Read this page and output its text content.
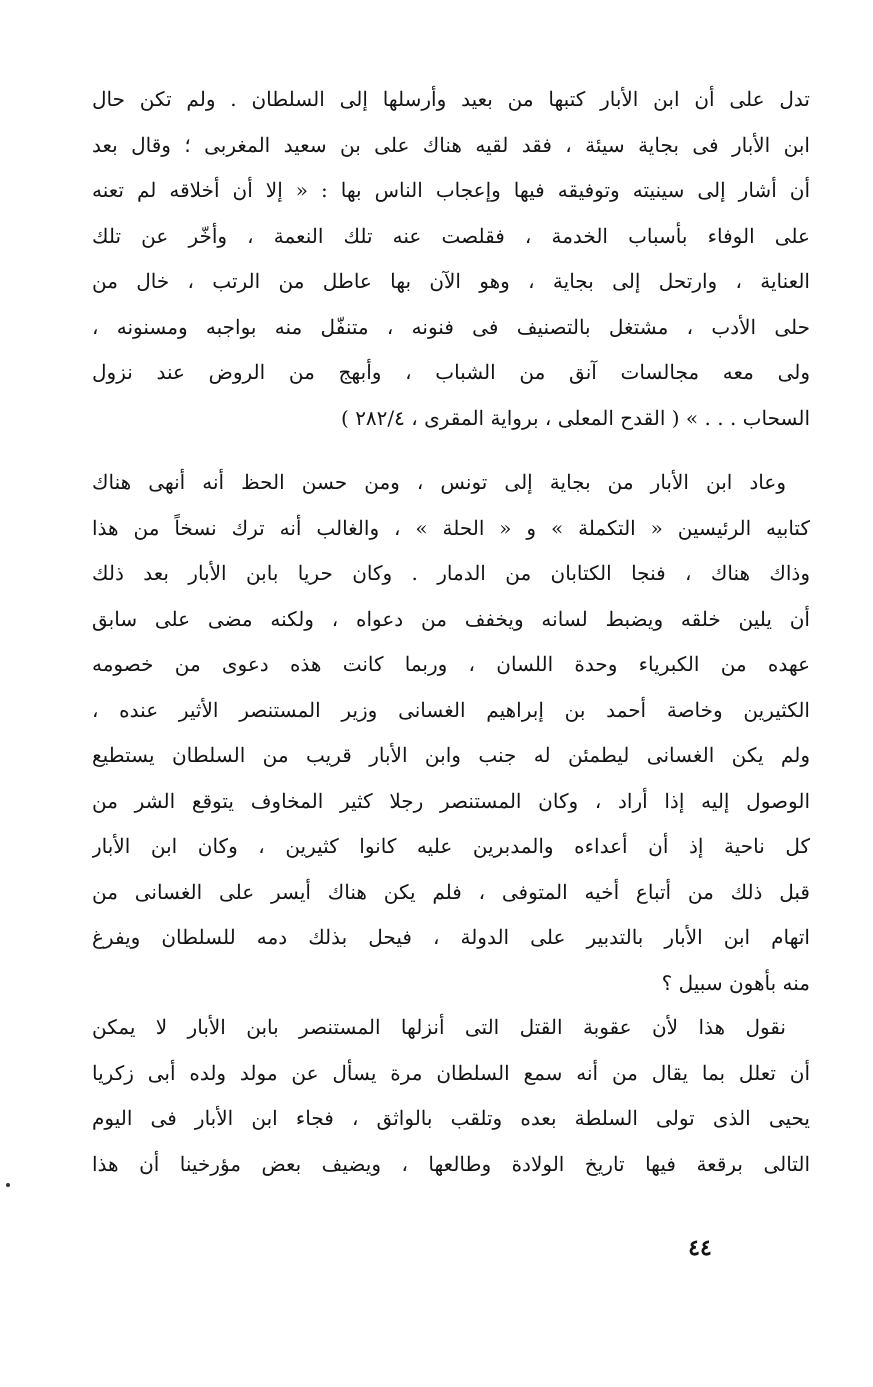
تدل على أن ابن الأبار كتبها من بعيد وأرسلها إلى السلطان . ولم تكن حال
ابن الأبار فى بجاية سيئة ، فقد لقيه هناك على بن سعيد المغربى ؛ وقال بعد
أن أشار إلى سينيته وتوفيقه فيها وإعجاب الناس بها : « إلا أن أخلاقه لم تعنه
على الوفاء بأسباب الخدمة ، فقلصت عنه تلك النعمة ، وأخّر عن تلك
العناية ، وارتحل إلى بجاية ، وهو الآن بها عاطل من الرتب ، خال من
حلى الأدب ، مشتغل بالتصنيف فى فنونه ، متنفّل منه بواجبه ومسنونه ،
ولى معه مجالسات آنق من الشباب ، وأبهج من الروض عند نزول
السحاب . . . » ( القدح المعلى ، برواية المقرى ، ٢٨٢/٤ )
وعاد ابن الأبار من بجاية إلى تونس ، ومن حسن الحظ أنه أنهى هناك
كتابيه الرئيسين « التكملة » و « الحلة » ، والغالب أنه ترك نسخاً من هذا
وذاك هناك ، فنجا الكتابان من الدمار . وكان حريا بابن الأبار بعد ذلك
أن يلين خلقه ويضبط لسانه ويخفف من دعواه ، ولكنه مضى على سابق
عهده من الكبرياء وحدة اللسان ، وربما كانت هذه دعوى من خصومه
الكثيرين وخاصة أحمد بن إبراهيم الغسانى وزير المستنصر الأثير عنده ،
ولم يكن الغسانى ليطمئن له جنب وابن الأبار قريب من السلطان يستطيع
الوصول إليه إذا أراد ، وكان المستنصر رجلا كثير المخاوف يتوقع الشر من
كل ناحية إذ أن أعداءه والمدبرين عليه كانوا كثيرين ، وكان ابن الأبار
قبل ذلك من أتباع أخيه المتوفى ، فلم يكن هناك أيسر على الغسانى من
اتهام ابن الأبار بالتدبير على الدولة ، فيحل بذلك دمه للسلطان ويفرغ
منه بأهون سبيل ؟
نقول هذا لأن عقوبة القتل التى أنزلها المستنصر بابن الأبار لا يمكن
أن تعلل بما يقال من أنه سمع السلطان مرة يسأل عن مولد ولده أبى زكريا
يحيى الذى تولى السلطة بعده وتلقب بالواثق ، فجاء ابن الأبار فى اليوم
التالى برقعة فيها تاريخ الولادة وطالعها ، ويضيف بعض مؤرخينا أن هذا
٤٤
